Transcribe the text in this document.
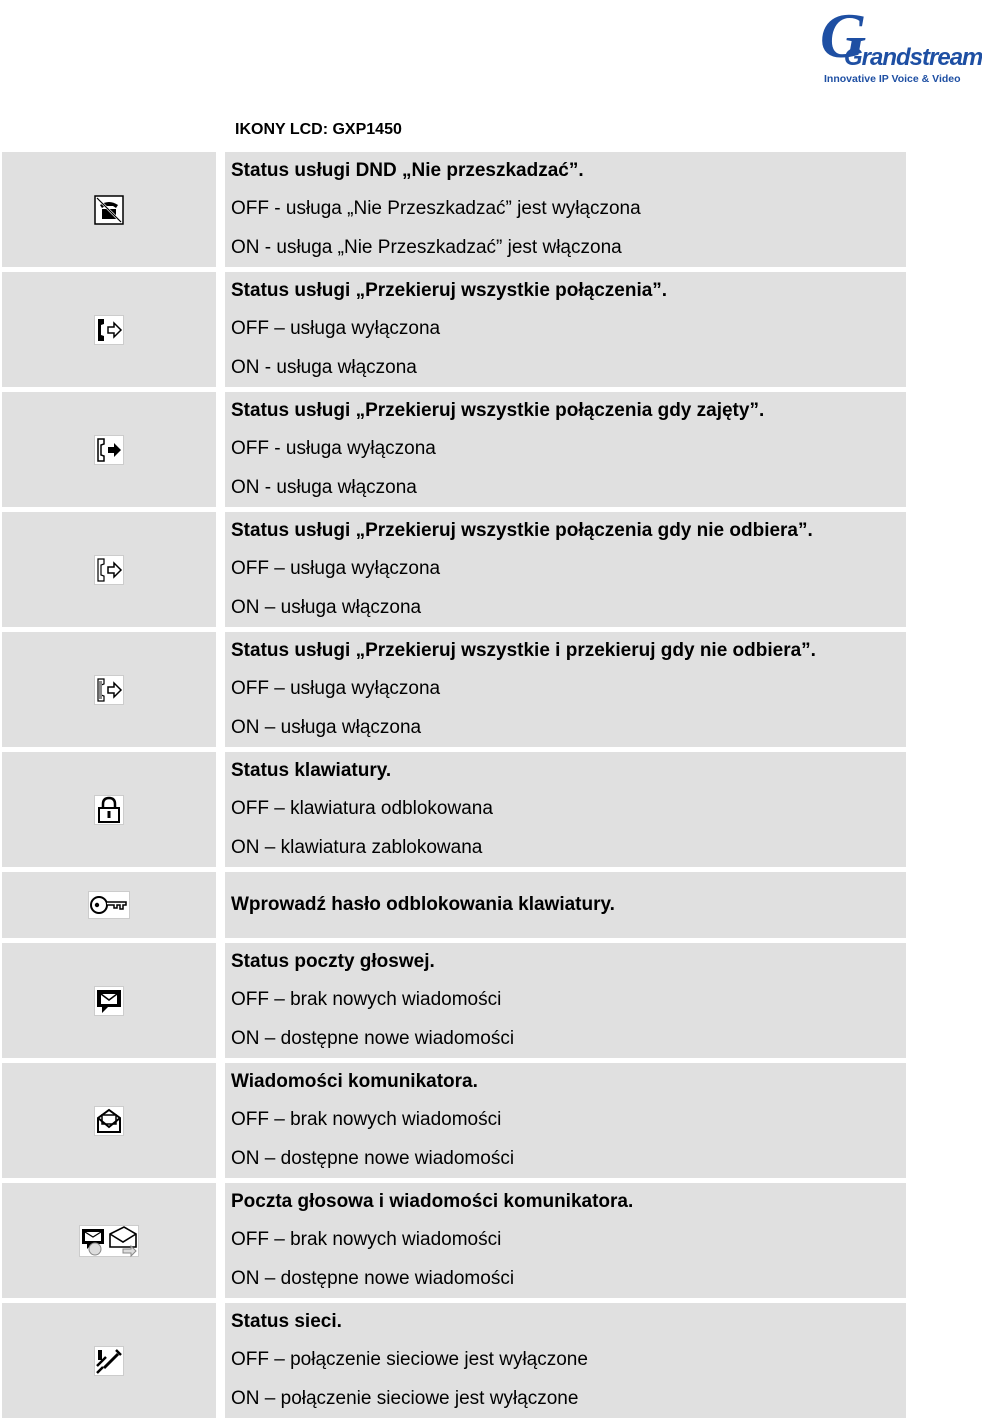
G
Grandstream
Innovative IP Voice & Video
IKONY LCD: GXP1450
Status usługi DND „Nie przeszkadzać”.
OFF - usługa „Nie Przeszkadzać” jest wyłączona
ON - usługa „Nie Przeszkadzać” jest włączona
Status usługi „Przekieruj wszystkie połączenia”.
OFF – usługa wyłączona
ON - usługa włączona
Status usługi „Przekieruj wszystkie połączenia gdy zajęty”.
OFF - usługa wyłączona
ON - usługa włączona
Status usługi „Przekieruj wszystkie połączenia gdy nie odbiera”.
OFF – usługa wyłączona
ON – usługa włączona
Status usługi „Przekieruj wszystkie i przekieruj gdy nie odbiera”.
OFF – usługa wyłączona
ON – usługa włączona
Status klawiatury.
OFF – klawiatura odblokowana
ON – klawiatura zablokowana
Wprowadź hasło odblokowania klawiatury.
Status poczty głoswej.
OFF – brak nowych wiadomości
ON – dostępne nowe wiadomości
Wiadomości komunikatora.
OFF – brak nowych wiadomości
ON – dostępne nowe wiadomości
Poczta głosowa i wiadomości komunikatora.
OFF – brak nowych wiadomości
ON – dostępne nowe wiadomości
Status sieci.
OFF – połączenie sieciowe jest wyłączone
ON – połączenie sieciowe jest wyłączone
